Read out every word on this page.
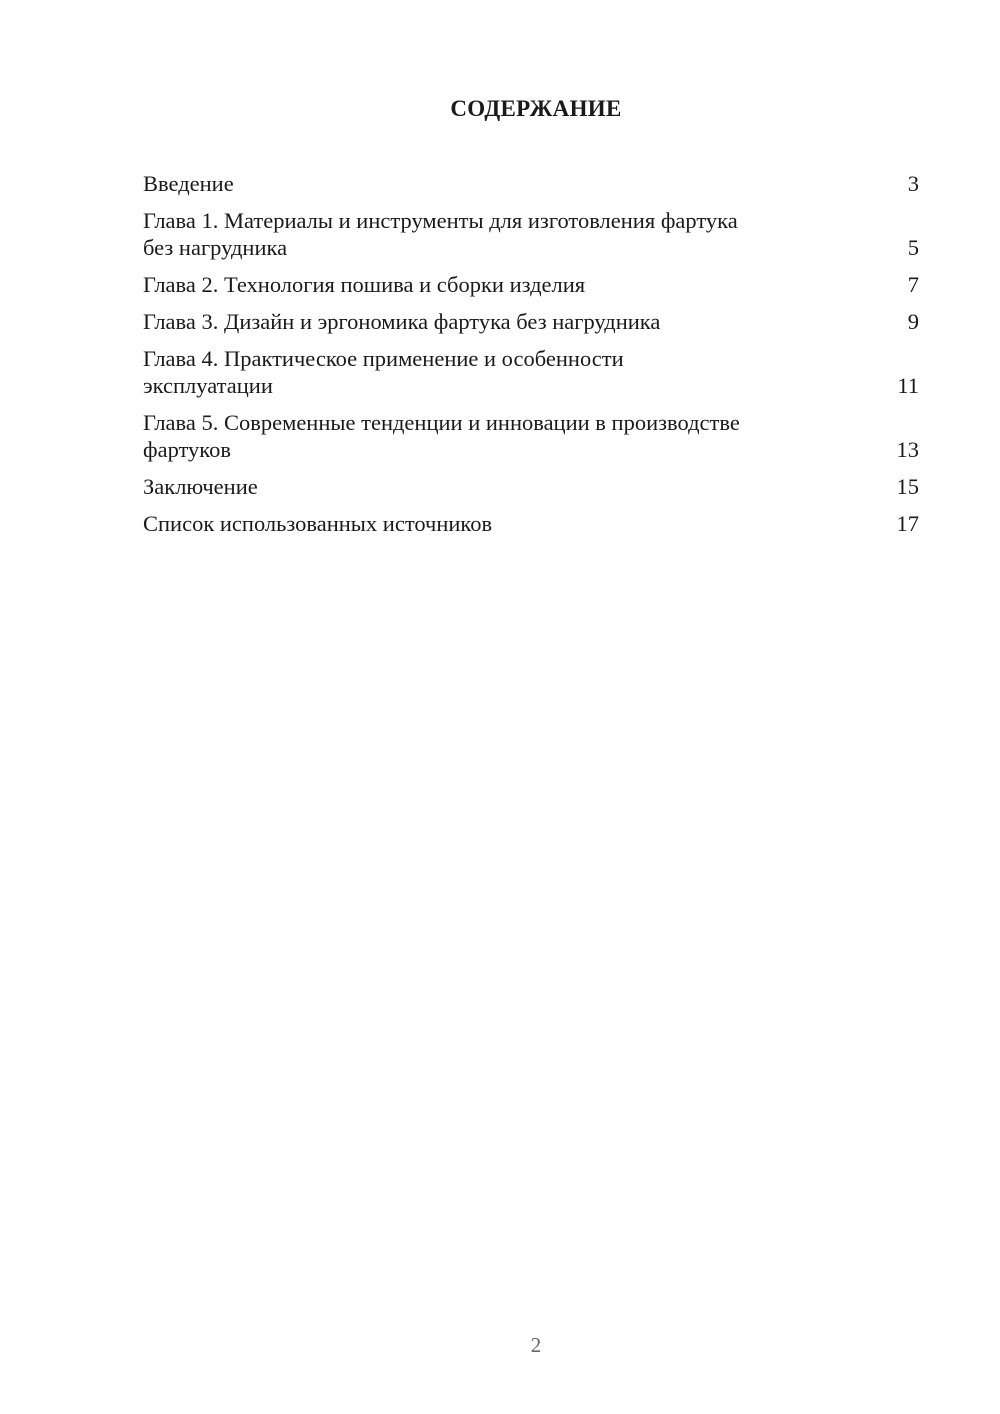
СОДЕРЖАНИЕ
Введение	3
Глава 1. Материалы и инструменты для изготовления фартука
без нагрудника	5
Глава 2. Технология пошива и сборки изделия	7
Глава 3. Дизайн и эргономика фартука без нагрудника	9
Глава 4. Практическое применение и особенности
эксплуатации	11
Глава 5. Современные тенденции и инновации в производстве
фартуков	13
Заключение	15
Список использованных источников	17
2
